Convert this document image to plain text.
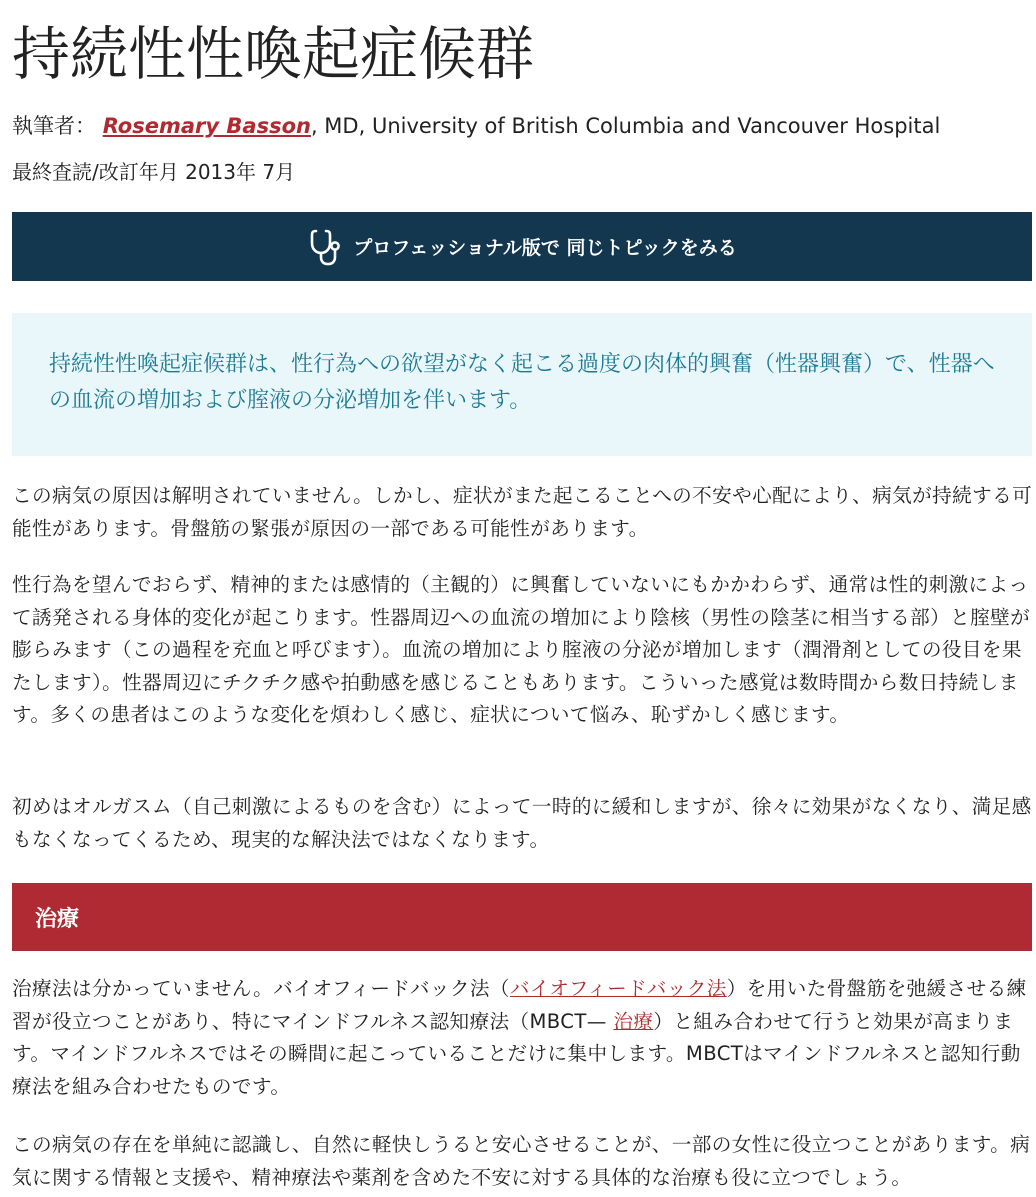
持続性性喚起症候群
執筆者： Rosemary Basson, MD, University of British Columbia and Vancouver Hospital
最終査読/改訂年月 2013年 7月
プロフェッショナル版で 同じトピックをみる
持続性性喚起症候群は、性行為への欲望がなく起こる過度の肉体的興奮（性器興奮）で、性器への血流の増加および腟液の分泌増加を伴います。

この病気の原因は解明されていません。しかし、症状がまた起こることへの不安や心配により、病気が持続する可能性があります。骨盤筋の緊張が原因の一部である可能性があります。

性行為を望んでおらず、精神的または感情的（主観的）に興奮していないにもかかわらず、通常は性的刺激によって誘発される身体的変化が起こります。性器周辺への血流の増加により陰核（男性の陰茎に相当する部）と腟壁が膨らみます（この過程を充血と呼びます）。血流の増加により腟液の分泌が増加します（潤滑剤としての役目を果たします）。性器周辺にチクチク感や拍動感を感じることもあります。こういった感覚は数時間から数日持続します。多くの患者はこのような変化を煩わしく感じ、症状について悩み、恥ずかしく感じます。

初めはオルガスム（自己刺激によるものを含む）によって一時的に緩和しますが、徐々に効果がなくなり、満足感もなくなってくるため、現実的な解決法ではなくなります。

治療

治療法は分かっていません。バイオフィードバック法（バイオフィードバック法）を用いた骨盤筋を弛緩させる練習が役立つことがあり、特にマインドフルネス認知療法（MBCT— 治療）と組み合わせて行うと効果が高まります。マインドフルネスではその瞬間に起こっていることだけに集中します。MBCTはマインドフルネスと認知行動療法を組み合わせたものです。

この病気の存在を単純に認識し、自然に軽快しうると安心させることが、一部の女性に役立つことがあります。病気に関する情報と支援や、精神療法や薬剤を含めた不安に対する具体的な治療も役に立つでしょう。
